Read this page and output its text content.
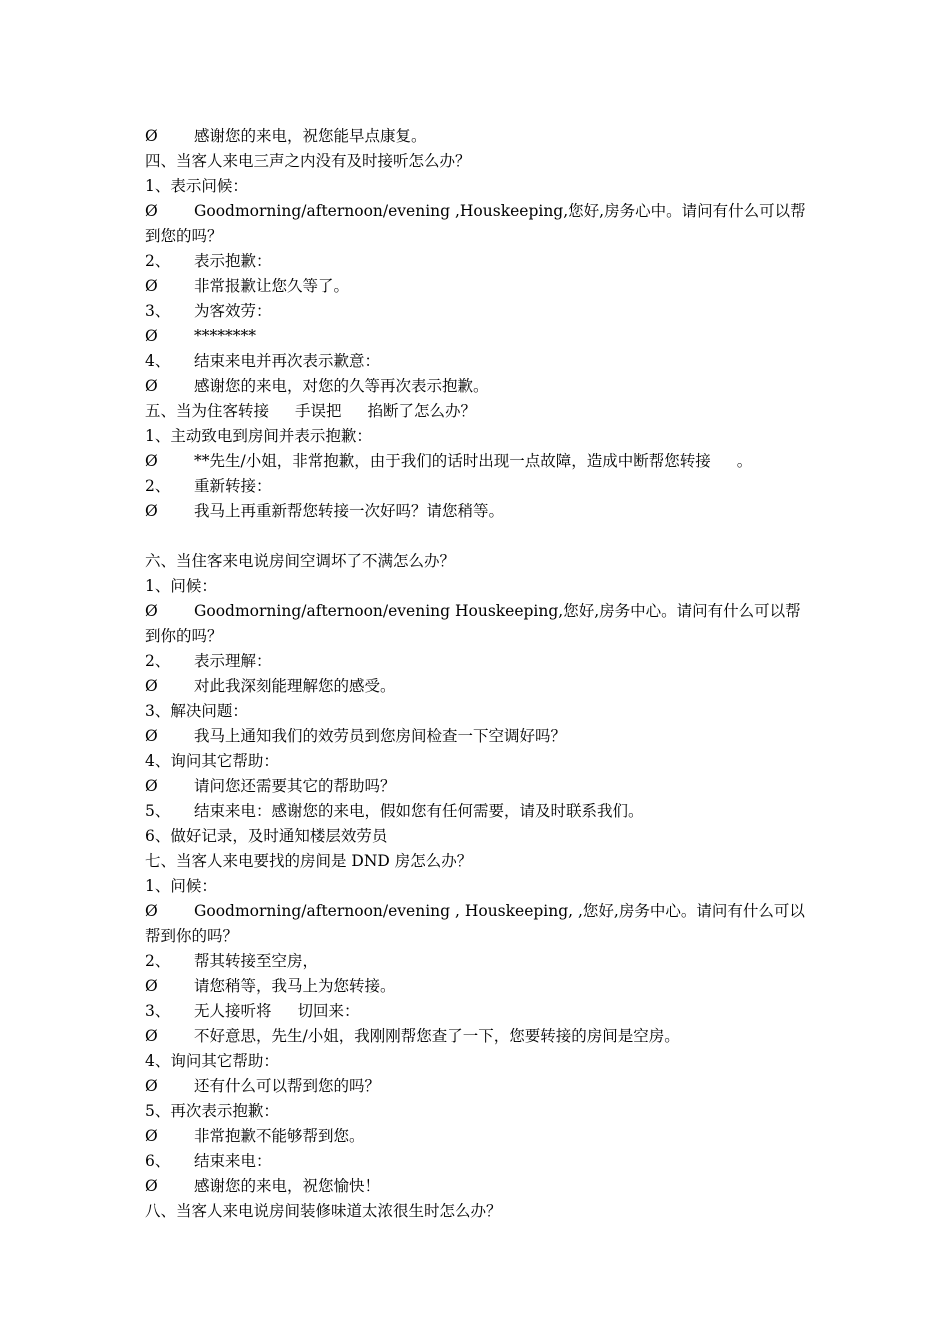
Ø 感谢您的来电，祝您能早点康复。
四、当客人来电三声之内没有及时接听怎么办？
1、表示问候：
Ø Goodmorning/afternoon/evening ,Houskeeping,您好,房务心中。请问有什么可以帮到您的吗？
2、 表示抱歉：
Ø 非常报歉让您久等了。
3、 为客效劳：
Ø ********
4、 结束来电并再次表示歉意：
Ø 感谢您的来电，对您的久等再次表示抱歉。
五、当为住客转接 手误把 掐断了怎么办？
1、主动致电到房间并表示抱歉：
Ø **先生/小姐，非常抱歉，由于我们的话时出现一点故障，造成中断帮您转接 。
2、 重新转接：
Ø 我马上再重新帮您转接一次好吗？请您稍等。
六、当住客来电说房间空调坏了不满怎么办？
1、问候：
Ø Goodmorning/afternoon/evening Houskeeping,您好,房务中心。请问有什么可以帮到你的吗？
2、 表示理解：
Ø 对此我深刻能理解您的感受。
3、解决问题：
Ø 我马上通知我们的效劳员到您房间检查一下空调好吗？
4、询问其它帮助：
Ø 请问您还需要其它的帮助吗？
5、 结束来电：感谢您的来电，假如您有任何需要，请及时联系我们。
6、做好记录，及时通知楼层效劳员
七、当客人来电要找的房间是 DND 房怎么办？
1、问候：
Ø Goodmorning/afternoon/evening , Houskeeping, ,您好,房务中心。请问有什么可以帮到你的吗？
2、 帮其转接至空房，
Ø 请您稍等，我马上为您转接。
3、 无人接听将 切回来：
Ø 不好意思，先生/小姐，我刚刚帮您查了一下，您要转接的房间是空房。
4、询问其它帮助：
Ø 还有什么可以帮到您的吗？
5、再次表示抱歉：
Ø 非常抱歉不能够帮到您。
6、 结束来电：
Ø 感谢您的来电，祝您愉快！
八、当客人来电说房间装修味道太浓很生时怎么办？
